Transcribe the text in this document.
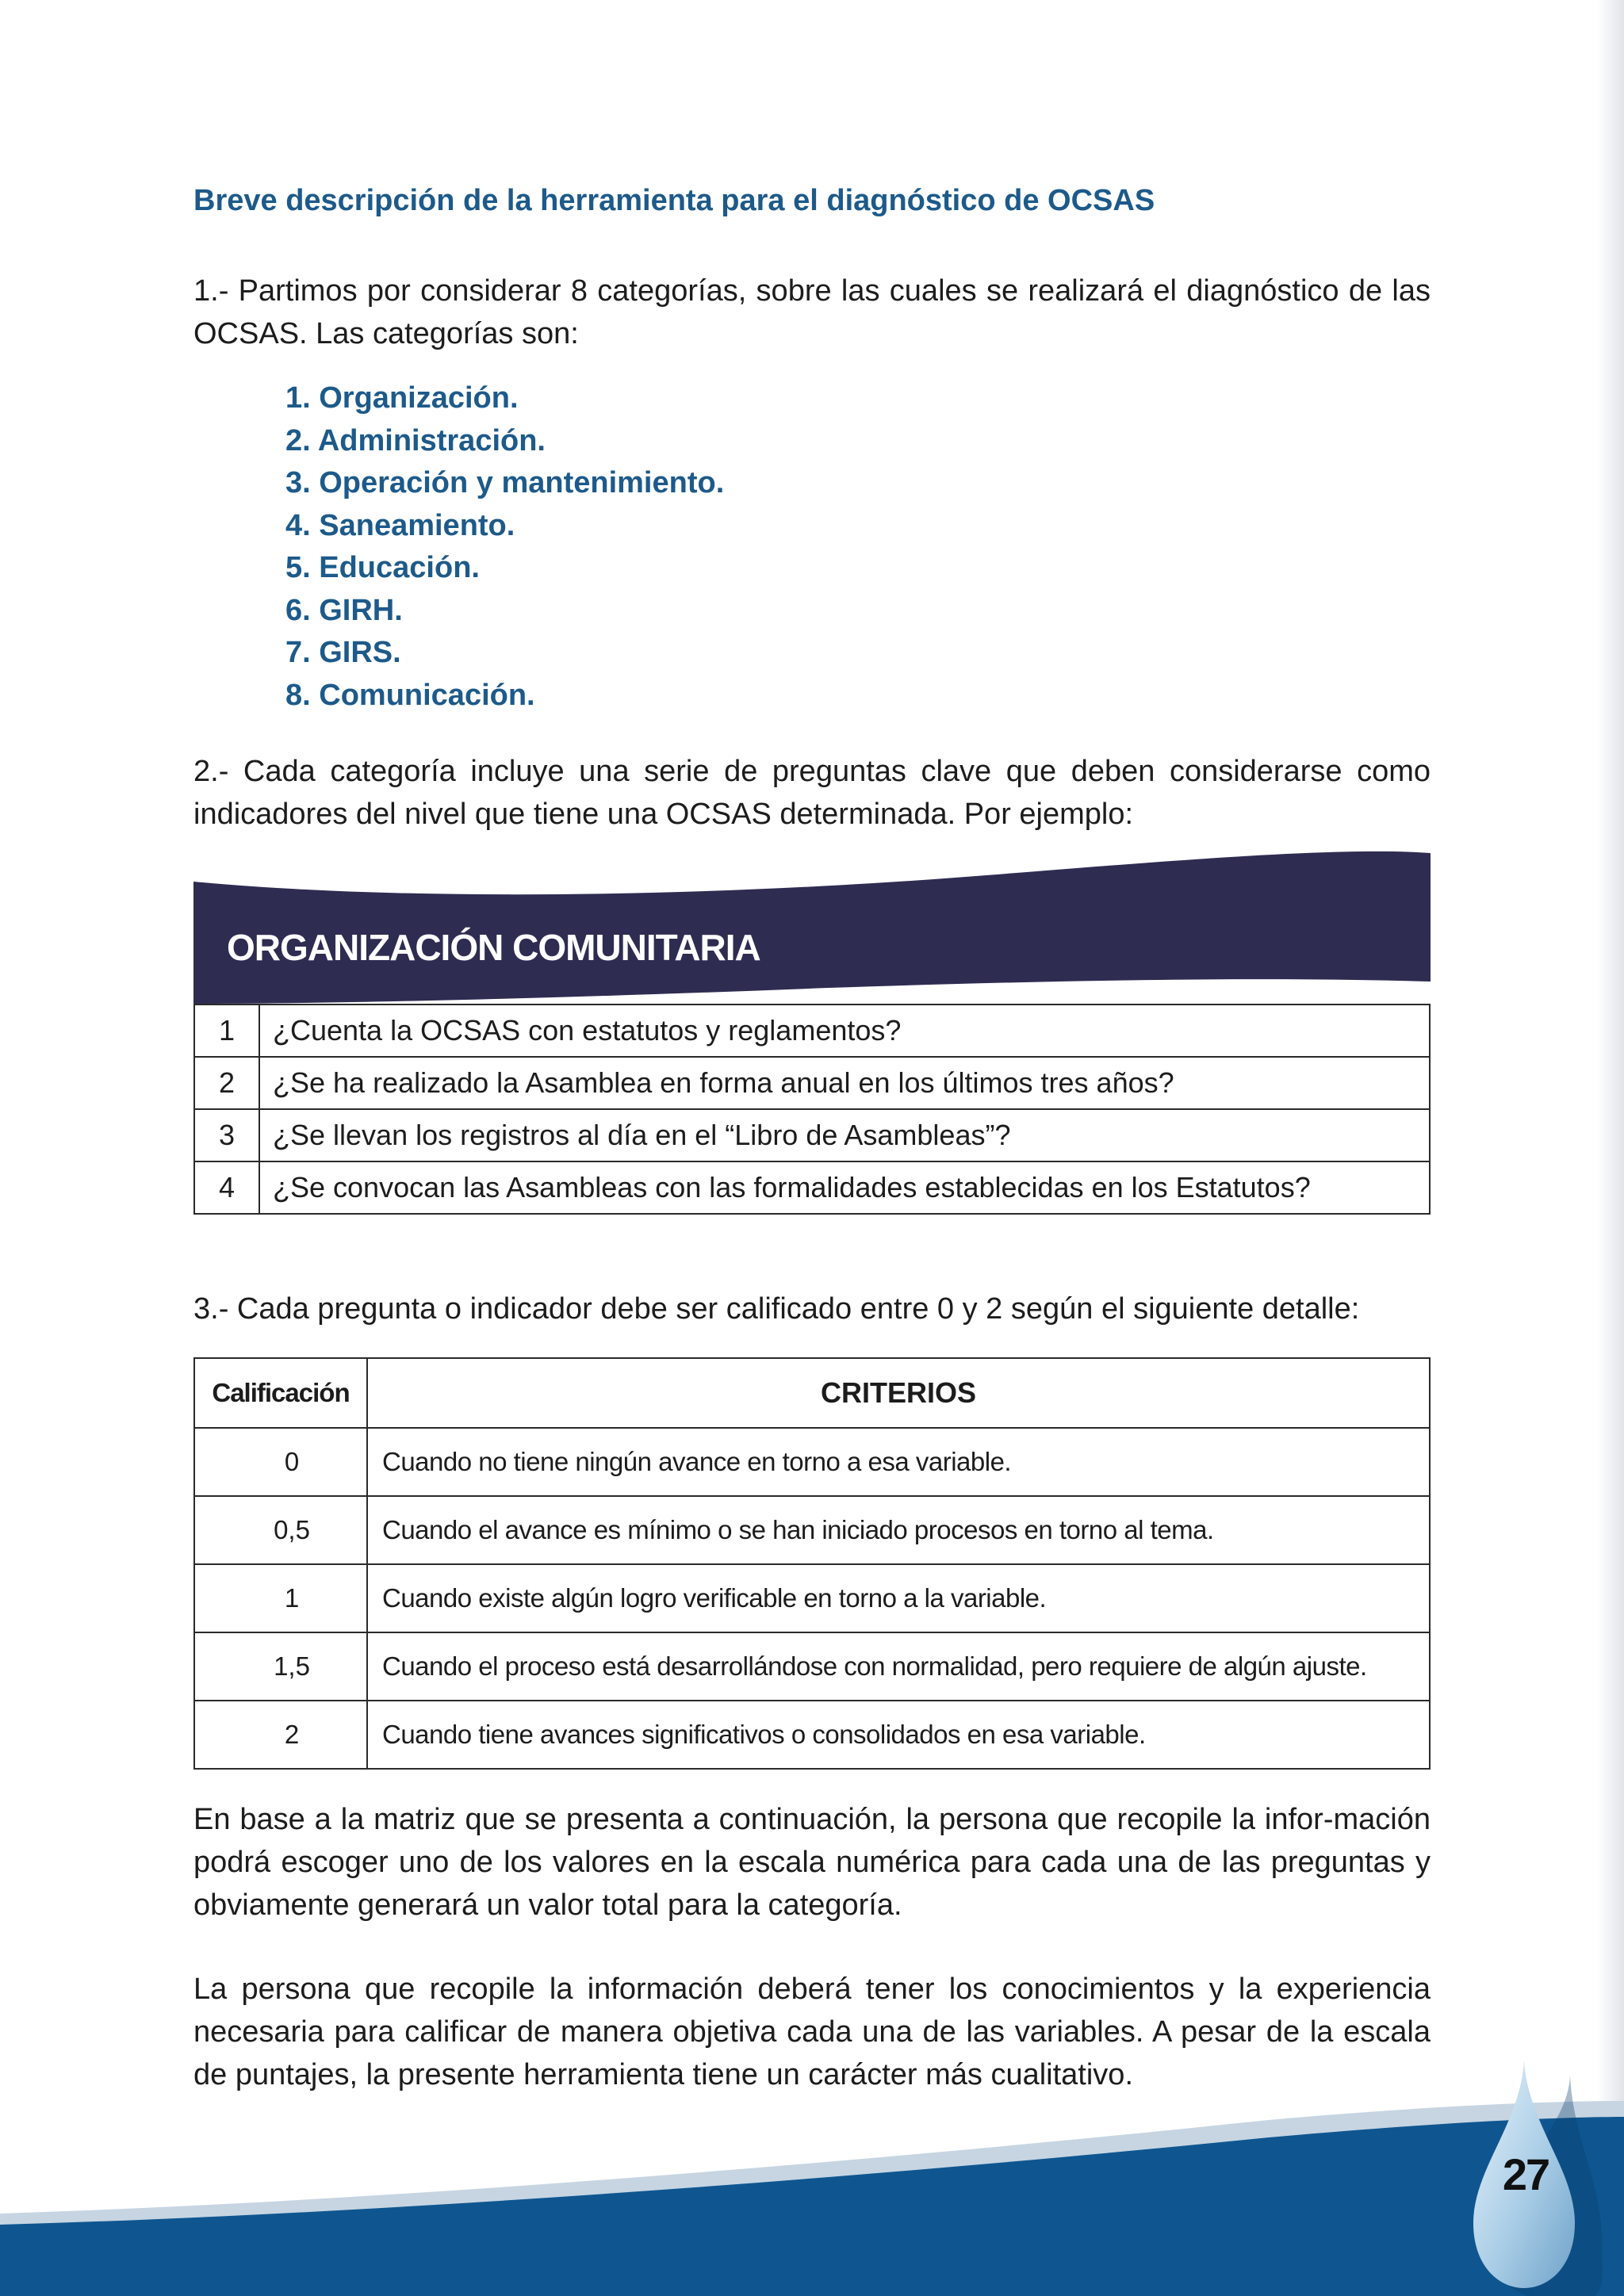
Breve descripción de la herramienta para el diagnóstico de OCSAS
1.- Partimos por considerar 8 categorías, sobre las cuales se realizará el diagnóstico de las OCSAS. Las categorías son:
1. Organización.
2. Administración.
3. Operación y mantenimiento.
4. Saneamiento.
5. Educación.
6. GIRH.
7. GIRS.
8. Comunicación.
2.- Cada categoría incluye una serie de preguntas clave que deben considerarse como indicadores del nivel que tiene una OCSAS determinada. Por ejemplo:
ORGANIZACIÓN COMUNITARIA
1	¿Cuenta la OCSAS con estatutos y reglamentos?
2	¿Se ha realizado la Asamblea en forma anual en los últimos tres años?
3	¿Se llevan los registros al día en el “Libro de Asambleas”?
4	¿Se convocan las Asambleas con las formalidades establecidas en los Estatutos?
3.- Cada pregunta o indicador debe ser calificado entre 0 y 2 según el siguiente detalle:
Calificación	CRITERIOS
0	Cuando no tiene ningún avance en torno a esa variable.
0,5	Cuando el avance es mínimo o se han iniciado procesos en torno al tema.
1	Cuando existe algún logro verificable en torno a la variable.
1,5	Cuando el proceso está desarrollándose con normalidad, pero requiere de algún ajuste.
2	Cuando tiene avances significativos o consolidados en esa variable.
En base a la matriz que se presenta a continuación, la persona que recopile la infor-mación podrá escoger uno de los valores en la escala numérica para cada una de las preguntas y obviamente generará un valor total para la categoría.
La persona que recopile la información deberá tener los conocimientos y la experiencia necesaria para calificar de manera objetiva cada una de las variables. A pesar de la escala de puntajes, la presente herramienta tiene un carácter más cualitativo.
27
